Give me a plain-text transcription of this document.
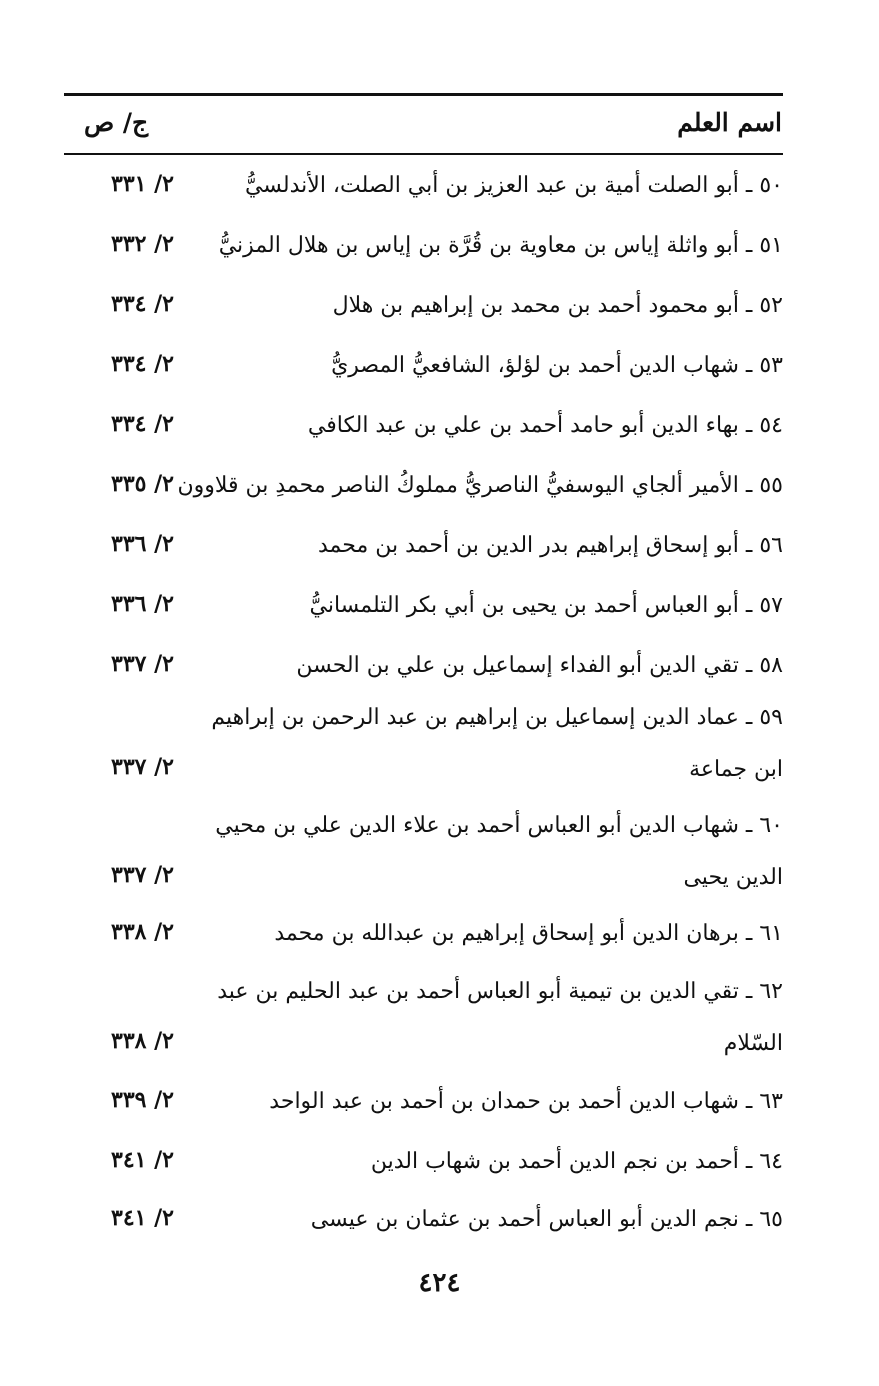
اسم العلم
ج/ ص
٥٠ ـ أبو الصلت أمية بن عبد العزيز بن أبي الصلت، الأندلسيُّ
٢/ ٣٣١
٥١ ـ أبو واثلة إياس بن معاوية بن قُرَّة بن إياس بن هلال المزنيُّ
٢/ ٣٣٢
٥٢ ـ أبو محمود أحمد بن محمد بن إبراهيم بن هلال
٢/ ٣٣٤
٥٣ ـ شهاب الدين أحمد بن لؤلؤ، الشافعيُّ المصريُّ
٢/ ٣٣٤
٥٤ ـ بهاء الدين أبو حامد أحمد بن علي بن عبد الكافي
٢/ ٣٣٤
٥٥ ـ الأمير ألجاي اليوسفيُّ الناصريُّ مملوكُ الناصر محمدِ بن قلاوون
٢/ ٣٣٥
٥٦ ـ أبو إسحاق إبراهيم بدر الدين بن أحمد بن محمد
٢/ ٣٣٦
٥٧ ـ أبو العباس أحمد بن يحيى بن أبي بكر التلمسانيُّ
٢/ ٣٣٦
٥٨ ـ تقي الدين أبو الفداء إسماعيل بن علي بن الحسن
٢/ ٣٣٧
٥٩ ـ عماد الدين إسماعيل بن إبراهيم بن عبد الرحمن بن إبراهيم ابن جماعة
٢/ ٣٣٧
٦٠ ـ شهاب الدين أبو العباس أحمد بن علاء الدين علي بن محيي الدين يحيى
٢/ ٣٣٧
٦١ ـ برهان الدين أبو إسحاق إبراهيم بن عبدالله بن محمد
٢/ ٣٣٨
٦٢ ـ تقي الدين بن تيمية أبو العباس أحمد بن عبد الحليم بن عبد السّلام
٢/ ٣٣٨
٦٣ ـ شهاب الدين أحمد بن حمدان بن أحمد بن عبد الواحد
٢/ ٣٣٩
٦٤ ـ أحمد بن نجم الدين أحمد بن شهاب الدين
٢/ ٣٤١
٦٥ ـ نجم الدين أبو العباس أحمد بن عثمان بن عيسى
٢/ ٣٤١
٤٢٤
